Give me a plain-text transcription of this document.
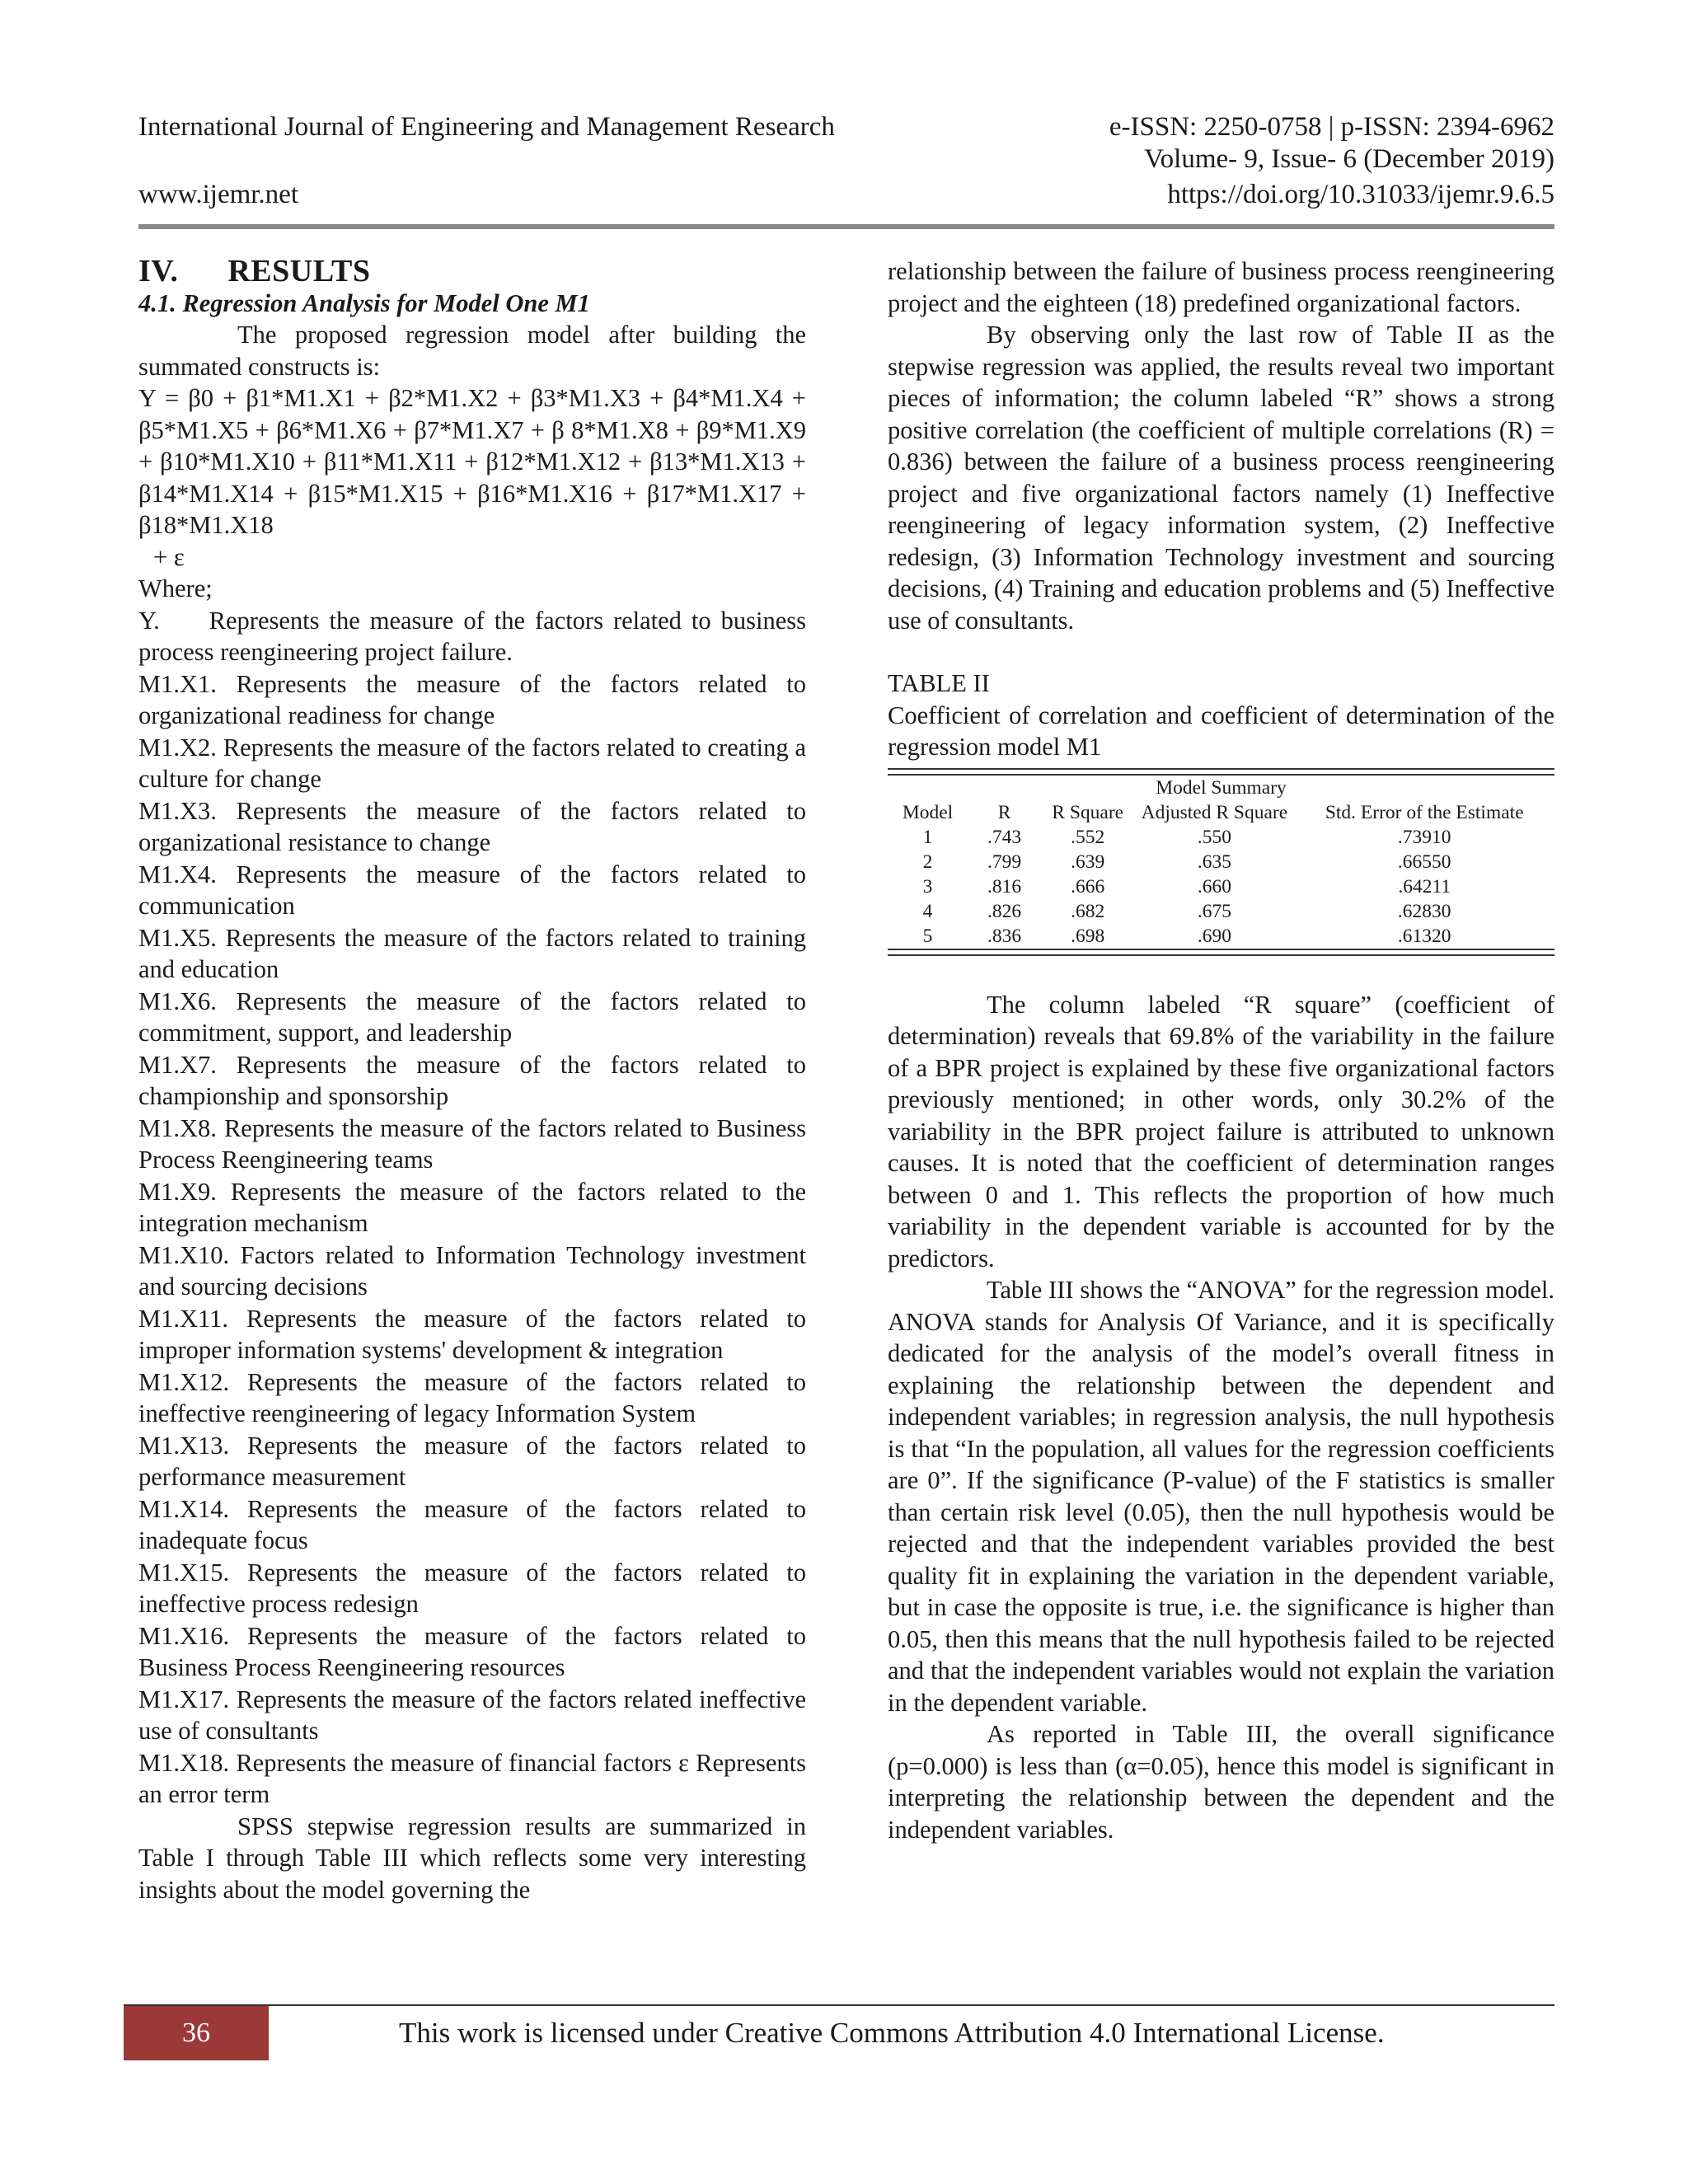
International Journal of Engineering and Management Research	e-ISSN: 2250-0758 | p-ISSN: 2394-6962
Volume- 9, Issue- 6 (December 2019)
www.ijemr.net	https://doi.org/10.31033/ijemr.9.6.5

IV.      RESULTS

4.1. Regression Analysis for Model One M1

The proposed regression model after building the summated constructs is:

Y = β0 + β1*M1.X1 + β2*M1.X2 + β3*M1.X3 + β4*M1.X4 + β5*M1.X5 + β6*M1.X6 + β7*M1.X7 + β 8*M1.X8 + β9*M1.X9 + β10*M1.X10 + β11*M1.X11 + β12*M1.X12 + β13*M1.X13 + β14*M1.X14 + β15*M1.X15 + β16*M1.X16 + β17*M1.X17 + β18*M1.X18

+ ε

Where;

Y.     Represents the measure of the factors related to business process reengineering project failure.

M1.X1. Represents the measure of the factors related to organizational readiness for change

M1.X2. Represents the measure of the factors related to creating a culture for change

M1.X3. Represents the measure of the factors related to organizational resistance to change

M1.X4. Represents the measure of the factors related to communication

M1.X5. Represents the measure of the factors related to training and education

M1.X6. Represents the measure of the factors related to commitment, support, and leadership

M1.X7. Represents the measure of the factors related to championship and sponsorship

M1.X8. Represents the measure of the factors related to Business Process Reengineering teams

M1.X9. Represents the measure of the factors related to the integration mechanism

M1.X10. Factors related to Information Technology investment and sourcing decisions

M1.X11. Represents the measure of the factors related to improper information systems' development & integration

M1.X12. Represents the measure of the factors related to ineffective reengineering of legacy Information System

M1.X13. Represents the measure of the factors related to performance measurement

M1.X14. Represents the measure of the factors related to inadequate focus

M1.X15. Represents the measure of the factors related to ineffective process redesign

M1.X16. Represents the measure of the factors related to Business Process Reengineering resources

M1.X17. Represents the measure of the factors related ineffective use of consultants

M1.X18. Represents the measure of financial factors ε Represents an error term

SPSS stepwise regression results are summarized in Table I through Table III which reflects some very interesting insights about the model governing the

relationship between the failure of business process reengineering project and the eighteen (18) predefined organizational factors.

By observing only the last row of Table II as the stepwise regression was applied, the results reveal two important pieces of information; the column labeled “R” shows a strong positive correlation (the coefficient of multiple correlations (R) = 0.836) between the failure of a business process reengineering project and five organizational factors namely (1) Ineffective reengineering of legacy information system, (2) Ineffective redesign, (3) Information Technology investment and sourcing decisions, (4) Training and education problems and (5) Ineffective use of consultants.

TABLE II

Coefficient of correlation and coefficient of determination of the regression model M1

Model Summary
Model	R	R Square	Adjusted R Square	Std. Error of the Estimate
1	.743	.552	.550	.73910
2	.799	.639	.635	.66550
3	.816	.666	.660	.64211
4	.826	.682	.675	.62830
5	.836	.698	.690	.61320

The column labeled “R square” (coefficient of determination) reveals that 69.8% of the variability in the failure of a BPR project is explained by these five organizational factors previously mentioned; in other words, only 30.2% of the variability in the BPR project failure is attributed to unknown causes. It is noted that the coefficient of determination ranges between 0 and 1. This reflects the proportion of how much variability in the dependent variable is accounted for by the predictors.

Table III shows the “ANOVA” for the regression model. ANOVA stands for Analysis Of Variance, and it is specifically dedicated for the analysis of the model’s overall fitness in explaining the relationship between the dependent and independent variables; in regression analysis, the null hypothesis is that “In the population, all values for the regression coefficients are 0”. If the significance (P-value) of the F statistics is smaller than certain risk level (0.05), then the null hypothesis would be rejected and that the independent variables provided the best quality fit in explaining the variation in the dependent variable, but in case the opposite is true, i.e. the significance is higher than 0.05, then this means that the null hypothesis failed to be rejected and that the independent variables would not explain the variation in the dependent variable.

As reported in Table III, the overall significance (p=0.000) is less than (α=0.05), hence this model is significant in interpreting the relationship between the dependent and the independent variables.

36	This work is licensed under Creative Commons Attribution 4.0 International License.
